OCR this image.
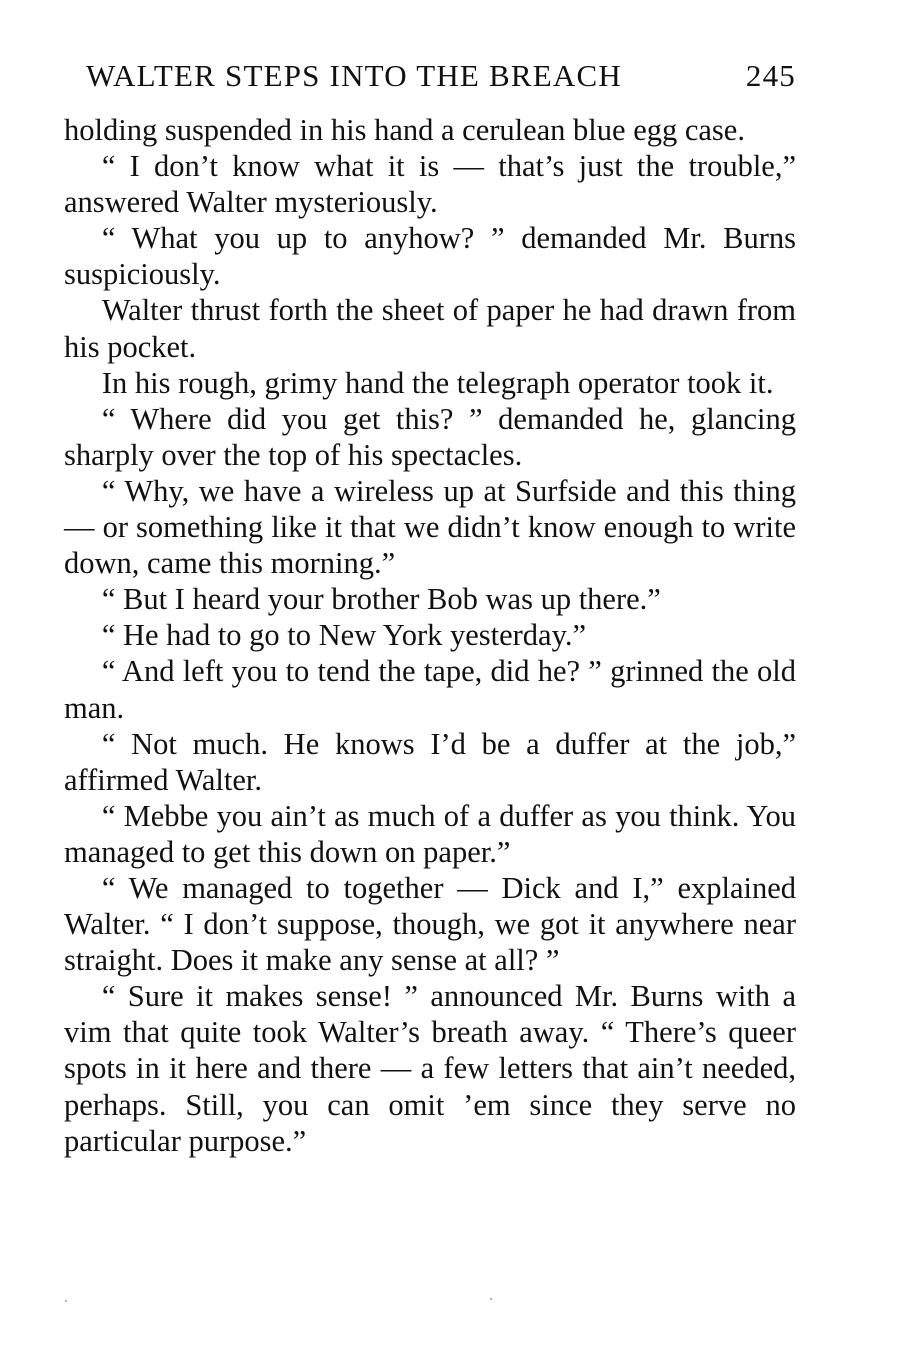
WALTER STEPS INTO THE BREACH	245

holding suspended in his hand a cerulean blue egg case.

“ I don’t know what it is — that’s just the trouble,” answered Walter mysteriously.

“ What you up to anyhow? ” demanded Mr. Burns suspiciously.

Walter thrust forth the sheet of paper he had drawn from his pocket.

In his rough, grimy hand the telegraph operator took it.

“ Where did you get this? ” demanded he, glancing sharply over the top of his spectacles.

“ Why, we have a wireless up at Surfside and this thing — or something like it that we didn’t know enough to write down, came this morning.”

“ But I heard your brother Bob was up there.”

“ He had to go to New York yesterday.”

“ And left you to tend the tape, did he? ” grinned the old man.

“ Not much. He knows I’d be a duffer at the job,” affirmed Walter.

“ Mebbe you ain’t as much of a duffer as you think. You managed to get this down on paper.”

“ We managed to together — Dick and I,” explained Walter. “ I don’t suppose, though, we got it anywhere near straight. Does it make any sense at all? ”

“ Sure it makes sense! ” announced Mr. Burns with a vim that quite took Walter’s breath away. “ There’s queer spots in it here and there — a few letters that ain’t needed, perhaps. Still, you can omit ’em since they serve no particular purpose.”
